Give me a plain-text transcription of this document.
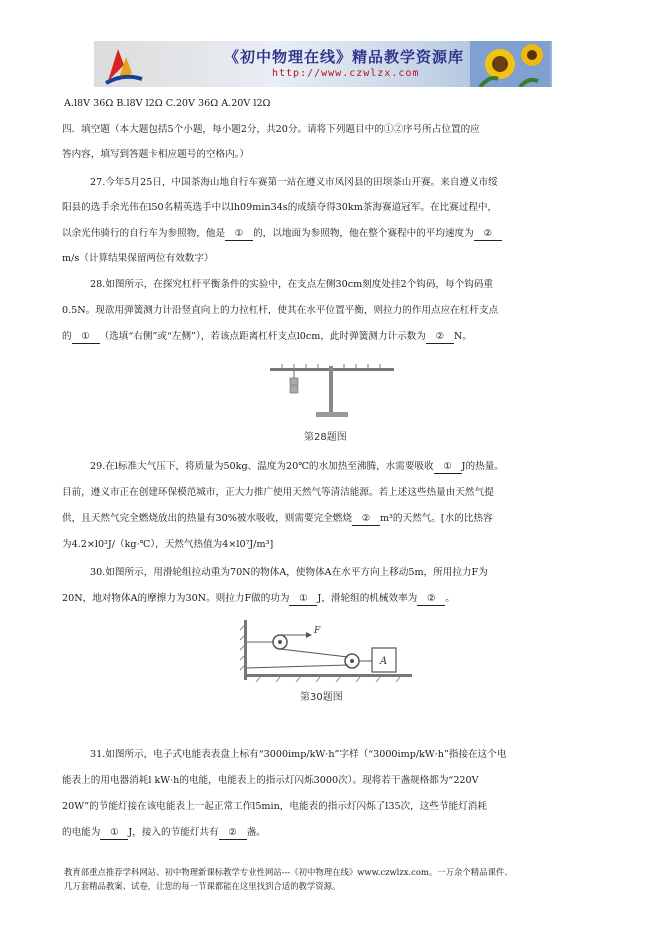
《初中物理在线》精品教学资源库
http://www.czwlzx.com
A.l8V 36Ω B.l8V l2Ω C.20V 36Ω A.20V l2Ω
四．填空题（本大题包括5个小题，每小题2分，共20分。请将下列题目中的①②序号所占位置的应
答内容，填写到答题卡相应题号的空格内。）
27.今年5月25日，中国茶海山地自行车赛第一站在遵义市凤冈县的田坝茶山开赛。来自遵义市绥
阳县的选手余光伟在l50名精英选手中以lh09min34s的成绩夺得30km茶海赛道冠军。在比赛过程中，
以余光伟骑行的自行车为参照物，他是 ① 的，以地面为参照物，他在整个赛程中的平均速度为 ②
m/s（计算结果保留两位有效数字）
28.如图所示，在探究杠杆平衡条件的实验中，在支点左侧30cm刻度处挂2个钩码，每个钩码重
0.5N。现欲用弹簧测力计沿竖直向上的力拉杠杆，使其在水平位置平衡，则拉力的作用点应在杠杆支点
的 ① （选填“右侧”或“左侧”），若该点距离杠杆支点l0cm，此时弹簧测力计示数为 ② N。
第28题图
29.在l标准大气压下，将质量为50kg、温度为20℃的水加热至沸腾，水需要吸收 ① J的热量。
目前，遵义市正在创建环保模范城市，正大力推广使用天然气等清洁能源。若上述这些热量由天然气提
供，且天然气完全燃烧放出的热量有30%被水吸收，则需要完全燃烧 ② m³的天然气。[水的比热容
为4.2×l0³J/（kg·℃），天然气热值为4×l0⁷J/m³]
30.如图所示，用滑轮组拉动重为70N的物体A，使物体A在水平方向上移动5m，所用拉力F为
20N，地对物体A的摩擦力为30N。则拉力F做的功为 ① J，滑轮组的机械效率为 ② 。
F
A
第30题图
31.如图所示，电子式电能表表盘上标有“3000imp/kW·h”字样（“3000imp/kW·h”指接在这个电
能表上的用电器消耗l kW·h的电能，电能表上的指示灯闪烁3000次）。现将若干盏规格都为“220V
20W”的节能灯接在该电能表上一起正常工作l5min，电能表的指示灯闪烁了l35次，这些节能灯消耗
的电能为 ① J，接入的节能灯共有 ② 盏。
教育部重点推荐学科网站、初中物理新课标教学专业性网站---《初中物理在线》www.czwlzx.com。一万余个精品课件、
几万套精品教案、试卷，让您的每一节课都能在这里找到合适的教学资源。
